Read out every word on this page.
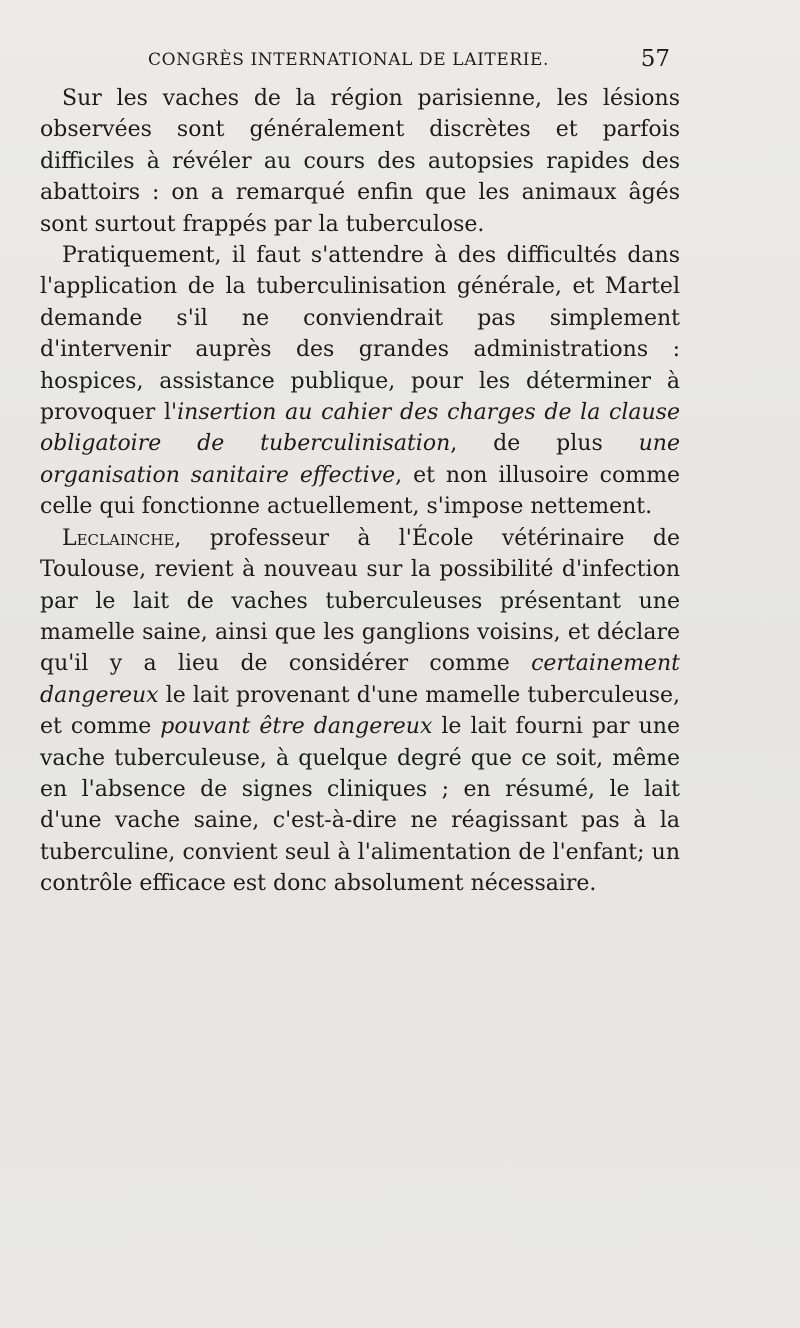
CONGRÈS INTERNATIONAL DE LAITERIE.	57

Sur les vaches de la région parisienne, les lésions observées sont généralement discrètes et parfois difficiles à révéler au cours des autopsies rapides des abattoirs : on a remarqué enfin que les animaux âgés sont surtout frappés par la tuberculose.

Pratiquement, il faut s'attendre à des difficultés dans l'application de la tuberculinisation générale, et Martel demande s'il ne conviendrait pas simplement d'intervenir auprès des grandes administrations : hospices, assistance publique, pour les déterminer à provoquer l'insertion au cahier des charges de la clause obligatoire de tuberculinisation, de plus une organisation sanitaire effective, et non illusoire comme celle qui fonctionne actuellement, s'impose nettement.

Leclainche, professeur à l'École vétérinaire de Toulouse, revient à nouveau sur la possibilité d'infection par le lait de vaches tuberculeuses présentant une mamelle saine, ainsi que les ganglions voisins, et déclare qu'il y a lieu de considérer comme certainement dangereux le lait provenant d'une mamelle tuberculeuse, et comme pouvant être dangereux le lait fourni par une vache tuberculeuse, à quelque degré que ce soit, même en l'absence de signes cliniques ; en résumé, le lait d'une vache saine, c'est-à-dire ne réagissant pas à la tuberculine, convient seul à l'alimentation de l'enfant; un contrôle efficace est donc absolument nécessaire.
